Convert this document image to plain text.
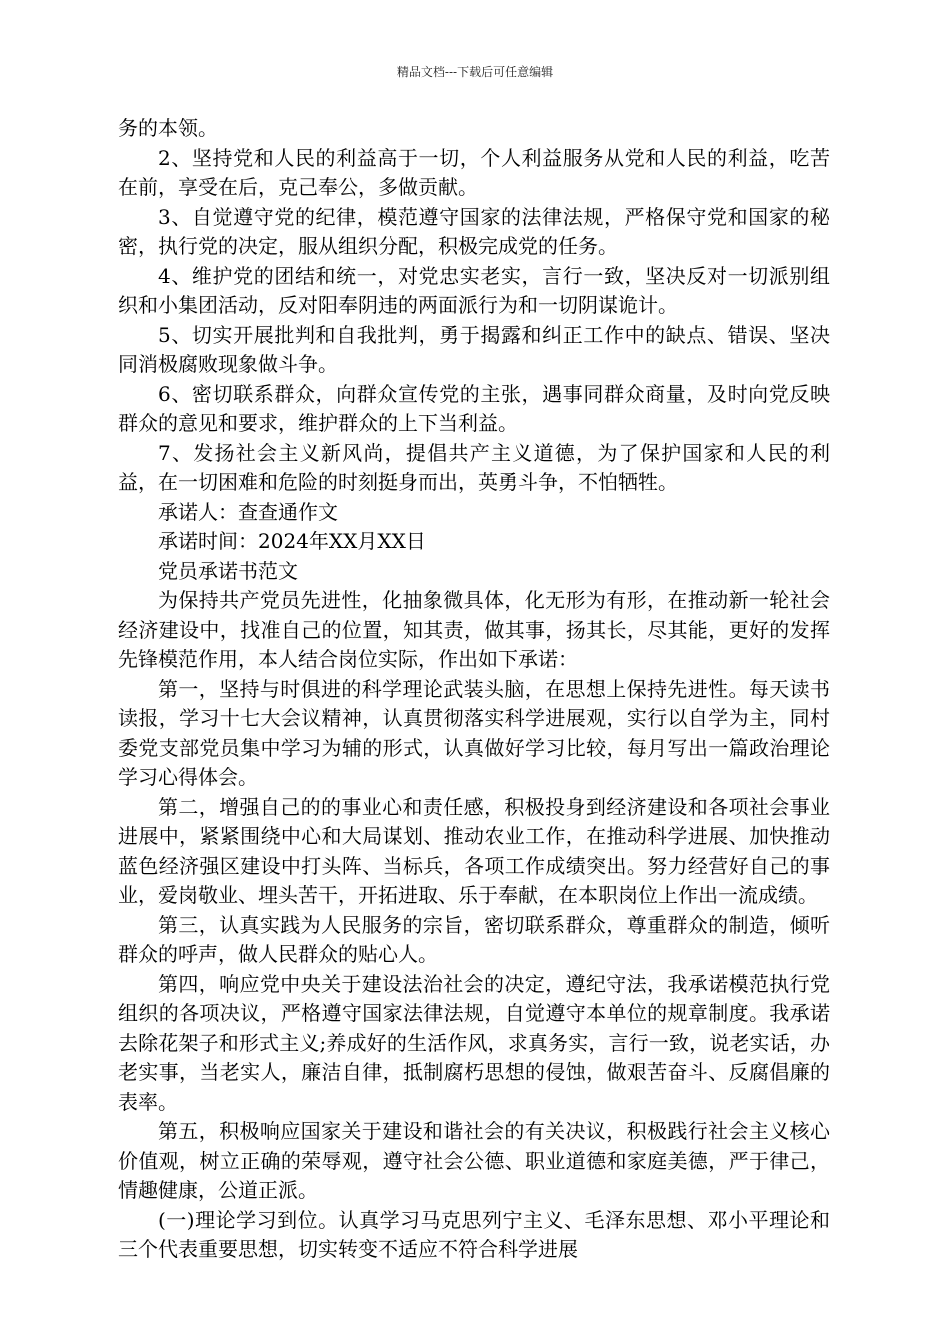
精品文档---下载后可任意编辑

务的本领。

2、坚持党和人民的利益高于一切，个人利益服务从党和人民的利益，吃苦在前，享受在后，克己奉公，多做贡献。

3、自觉遵守党的纪律，模范遵守国家的法律法规，严格保守党和国家的秘密，执行党的决定，服从组织分配，积极完成党的任务。

4、维护党的团结和统一，对党忠实老实，言行一致，坚决反对一切派别组织和小集团活动，反对阳奉阴违的两面派行为和一切阴谋诡计。

5、切实开展批判和自我批判，勇于揭露和纠正工作中的缺点、错误、坚决同消极腐败现象做斗争。

6、密切联系群众，向群众宣传党的主张，遇事同群众商量，及时向党反映群众的意见和要求，维护群众的上下当利益。

7、发扬社会主义新风尚，提倡共产主义道德，为了保护国家和人民的利益，在一切困难和危险的时刻挺身而出，英勇斗争，不怕牺牲。

承诺人：查查通作文

承诺时间：2024年XX月XX日

党员承诺书范文

为保持共产党员先进性，化抽象微具体，化无形为有形，在推动新一轮社会经济建设中，找准自己的位置，知其责，做其事，扬其长，尽其能，更好的发挥先锋模范作用，本人结合岗位实际，作出如下承诺：

第一，坚持与时俱进的科学理论武装头脑，在思想上保持先进性。每天读书读报，学习十七大会议精神，认真贯彻落实科学进展观，实行以自学为主，同村委党支部党员集中学习为辅的形式，认真做好学习比较，每月写出一篇政治理论学习心得体会。

第二，增强自己的的事业心和责任感，积极投身到经济建设和各项社会事业进展中，紧紧围绕中心和大局谋划、推动农业工作，在推动科学进展、加快推动蓝色经济强区建设中打头阵、当标兵，各项工作成绩突出。努力经营好自己的事业，爱岗敬业、埋头苦干，开拓进取、乐于奉献，在本职岗位上作出一流成绩。

第三，认真实践为人民服务的宗旨，密切联系群众，尊重群众的制造，倾听群众的呼声，做人民群众的贴心人。

第四，响应党中央关于建设法治社会的决定，遵纪守法，我承诺模范执行党组织的各项决议，严格遵守国家法律法规，自觉遵守本单位的规章制度。我承诺去除花架子和形式主义;养成好的生活作风，求真务实，言行一致，说老实话，办老实事，当老实人，廉洁自律，抵制腐朽思想的侵蚀，做艰苦奋斗、反腐倡廉的表率。

第五，积极响应国家关于建设和谐社会的有关决议，积极践行社会主义核心价值观，树立正确的荣辱观，遵守社会公德、职业道德和家庭美德，严于律己，情趣健康，公道正派。

(一)理论学习到位。认真学习马克思列宁主义、毛泽东思想、邓小平理论和三个代表重要思想，切实转变不适应不符合科学进展
